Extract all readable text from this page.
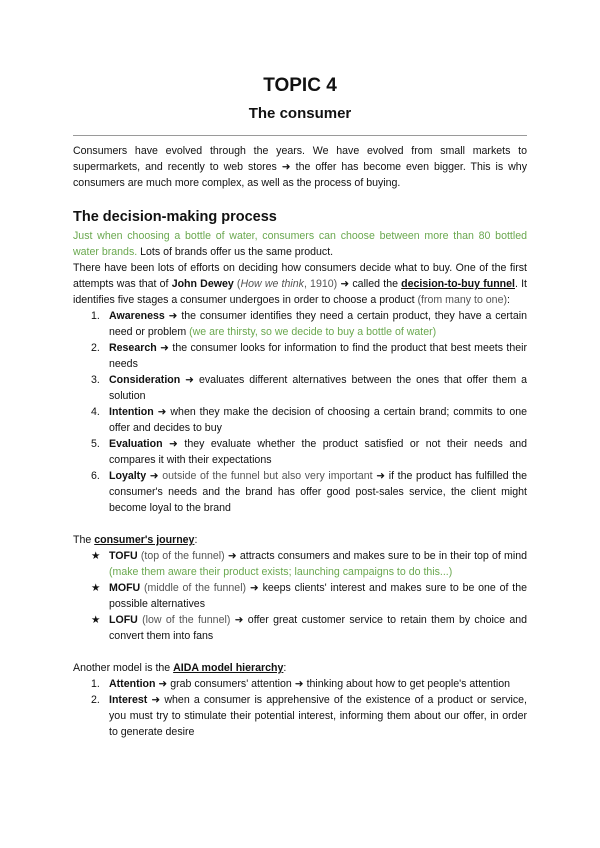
TOPIC 4
The consumer

Consumers have evolved through the years. We have evolved from small markets to supermarkets, and recently to web stores ➜ the offer has become even bigger. This is why consumers are much more complex, as well as the process of buying.

The decision-making process

Just when choosing a bottle of water, consumers can choose between more than 80 bottled water brands. Lots of brands offer us the same product.

There have been lots of efforts on deciding how consumers decide what to buy. One of the first attempts was that of John Dewey (How we think, 1910) ➜ called the decision-to-buy funnel. It identifies five stages a consumer undergoes in order to choose a product (from many to one):

1. Awareness ➜ the consumer identifies they need a certain product, they have a certain need or problem (we are thirsty, so we decide to buy a bottle of water)
2. Research ➜ the consumer looks for information to find the product that best meets their needs
3. Consideration ➜ evaluates different alternatives between the ones that offer them a solution
4. Intention ➜ when they make the decision of choosing a certain brand; commits to one offer and decides to buy
5. Evaluation ➜ they evaluate whether the product satisfied or not their needs and compares it with their expectations
6. Loyalty ➜ outside of the funnel but also very important ➜ if the product has fulfilled the consumer's needs and the brand has offer good post-sales service, the client might become loyal to the brand

The consumer's journey:

★ TOFU (top of the funnel) ➜ attracts consumers and makes sure to be in their top of mind (make them aware their product exists; launching campaigns to do this...)
★ MOFU (middle of the funnel) ➜ keeps clients' interest and makes sure to be one of the possible alternatives
★ LOFU (low of the funnel) ➜ offer great customer service to retain them by choice and convert them into fans

Another model is the AIDA model hierarchy:

1. Attention ➜ grab consumers' attention ➜ thinking about how to get people's attention
2. Interest ➜ when a consumer is apprehensive of the existence of a product or service, you must try to stimulate their potential interest, informing them about our offer, in order to generate desire
